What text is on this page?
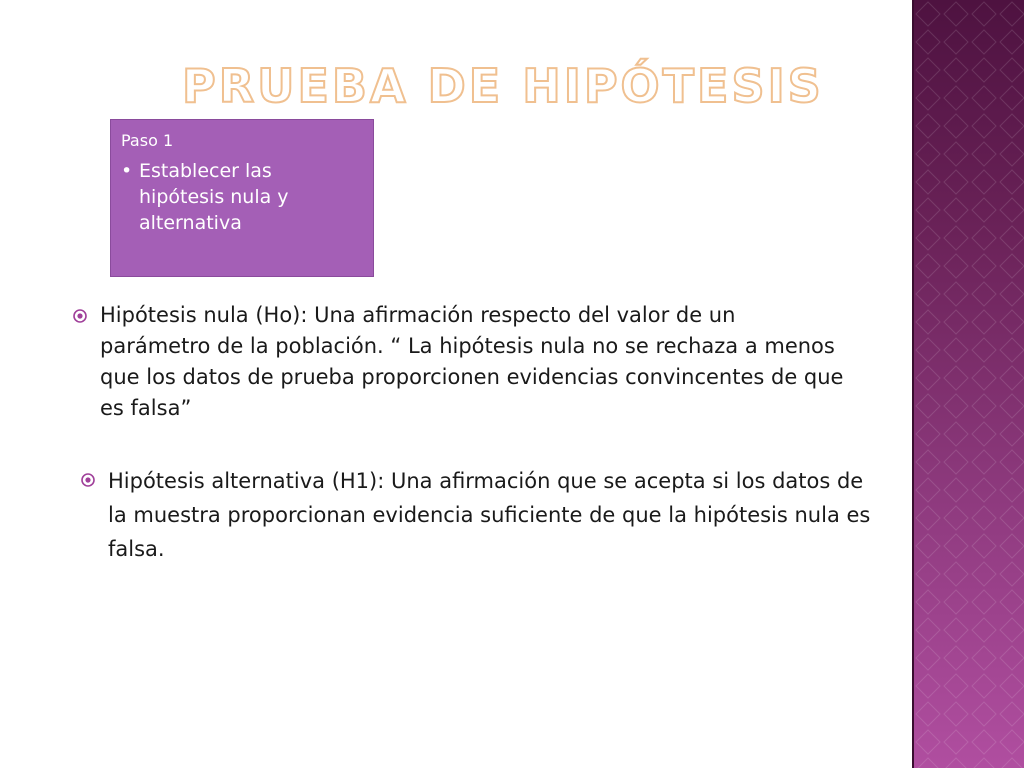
PRUEBA DE HIPÓTESIS
Paso 1
• Establecer las hipótesis nula y alternativa
Hipótesis nula (Ho): Una afirmación respecto del valor de un parámetro de la población. “ La hipótesis nula no se rechaza a menos que los datos de prueba proporcionen evidencias convincentes de que es falsa”
Hipótesis alternativa (H1): Una afirmación que se acepta si los datos de la muestra proporcionan evidencia suficiente de que la hipótesis nula es falsa.
